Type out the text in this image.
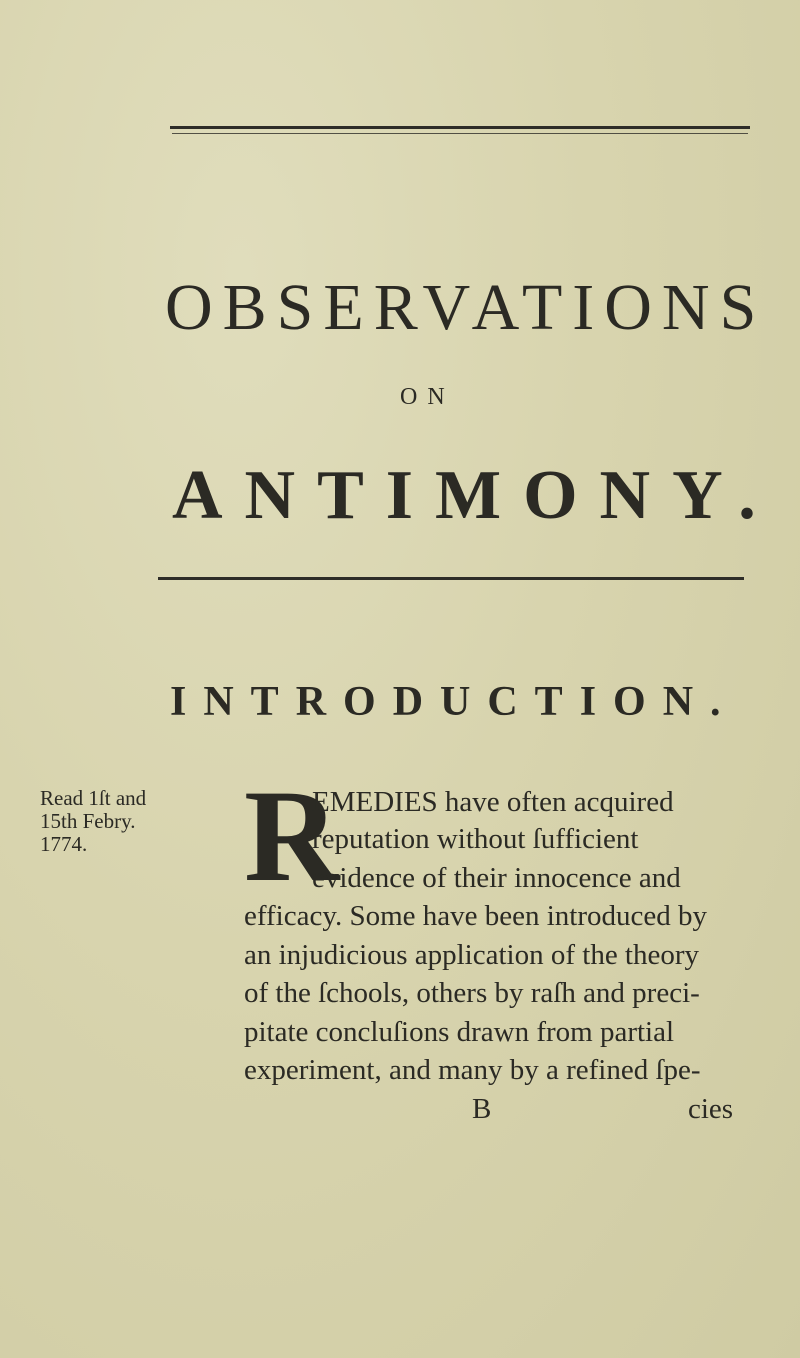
OBSERVATIONS
ON
ANTIMONY.
INTRODUCTION.
Read 1ſt and
15th Febry.
1774.	R
EMEDIES have often acquired
reputation without ſufficient
evidence of their innocence and
efficacy. Some have been introduced by
an injudicious application of the theory
of the ſchools, others by raſh and preci-
pitate concluſions drawn from partial
experiment, and many by a refined ſpe-
B	cies
